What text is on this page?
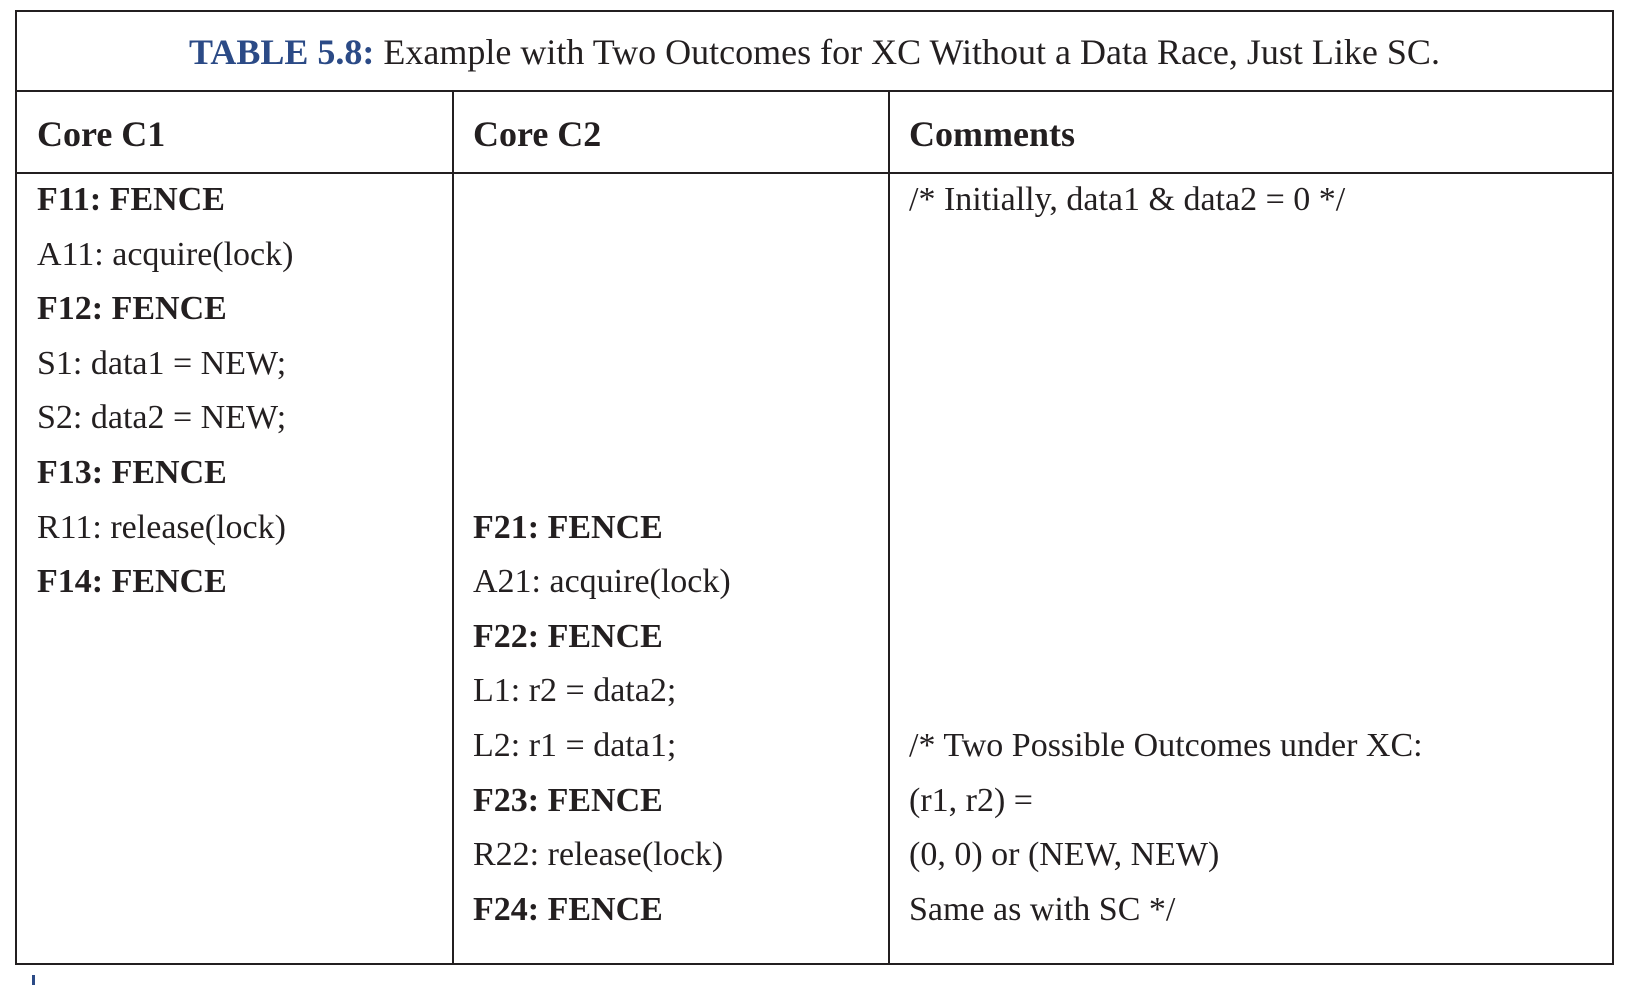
TABLE 5.8: Example with Two Outcomes for XC Without a Data Race, Just Like SC.
Core C1	Core C2	Comments
F11: FENCE
A11: acquire(lock)
F12: FENCE
S1: data1 = NEW;
S2: data2 = NEW;
F13: FENCE
R11: release(lock)
F14: FENCE
F21: FENCE
A21: acquire(lock)
F22: FENCE
L1: r2 = data2;
L2: r1 = data1;
F23: FENCE
R22: release(lock)
F24: FENCE
/* Initially, data1 & data2 = 0 */
/* Two Possible Outcomes under XC:
(r1, r2) =
(0, 0) or (NEW, NEW)
Same as with SC */
